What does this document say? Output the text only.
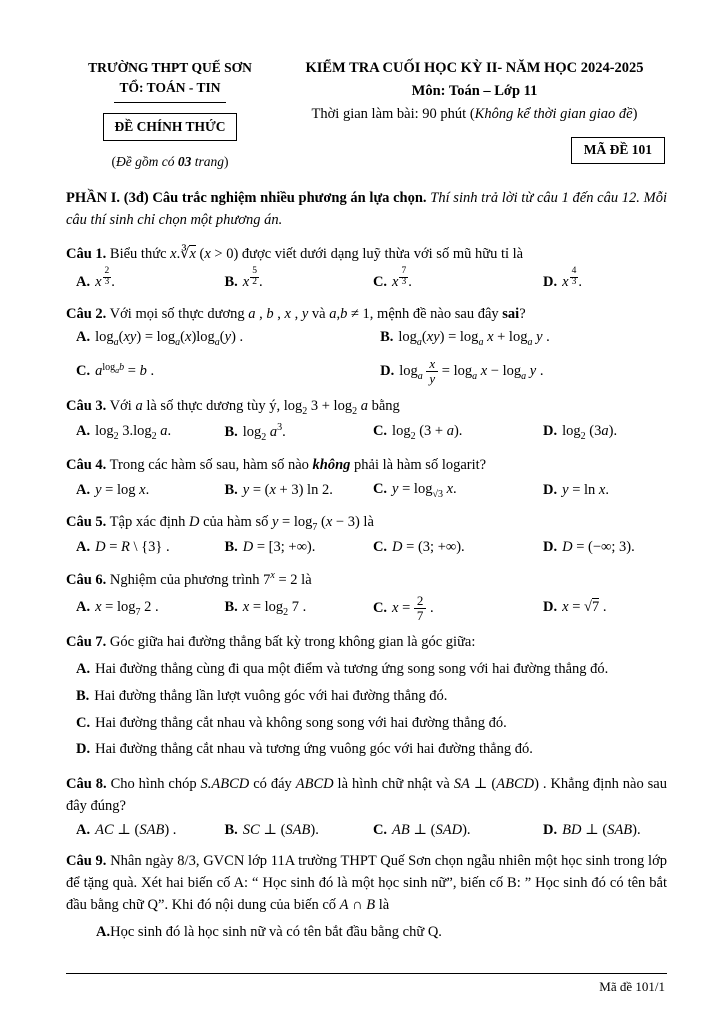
TRƯỜNG THPT QUẾ SƠN
TỔ: TOÁN - TIN
ĐỀ CHÍNH THỨC
(Đề gồm có 03 trang)
KIỂM TRA CUỐI HỌC KỲ II- NĂM HỌC 2024-2025
Môn: Toán – Lớp 11
Thời gian làm bài: 90 phút (Không kể thời gian giao đề)
MÃ ĐỀ 101

PHẦN I. (3đ) Câu trắc nghiệm nhiều phương án lựa chọn. Thí sinh trả lời từ câu 1 đến câu 12. Mỗi câu thí sinh chỉ chọn một phương án.

Câu 1. Biểu thức x.∛x (x > 0) được viết dưới dạng luỹ thừa với số mũ hữu tỉ là

A. x $\frac{2}{3}$ .	B. x $\frac{5}{2}$ .	C. x $\frac{7}{3}$ .	D. x $\frac{4}{3}$ .

Câu 2. Với mọi số thực dương a , b , x , y và a,b ≠ 1, mệnh đề nào sau đây sai?

A. $\log_a(xy) = \log_a(x)\log_a(y)$ .	B. $\log_a(xy) = \log_a x + \log_a y$ .
C. $a^{log_ab} = b$ .	D. $\log_a \frac{x}{y} = \log_a x - \log_a y$ .

Câu 3. Với a là số thực dương tùy ý, $\log_2 3 + \log_2 a$ bằng

A. $\log_2 3.\log_2$ a.	B. $\log_2 a^3$.	C. $\log_2 (3 + a)$.	D. $\log_2 (3a)$.

Câu 4. Trong các hàm số sau, hàm số nào không phải là hàm số logarit?

A. y = log x.	B. y = (x + 3) ln 2.	C. $y = \log_{√3} x$.	D. y = ln x.

Câu 5. Tập xác định D của hàm số $y = \log_7 (x - 3)$ là

A. D = R \ {3} .	B. D = [3; +∞).	C. D = (3; +∞).	D. D = (−∞; 3).

Câu 6. Nghiệm của phương trình $7^x = 2$ là

A. $x = \log_7 2$ .	B. $x = \log_2 7$ .	C. $x = \frac{2}{7}$ .	D. x = √7 .

Câu 7. Góc giữa hai đường thẳng bất kỳ trong không gian là góc giữa:

A. Hai đường thẳng cùng đi qua một điểm và tương ứng song song với hai đường thẳng đó.
B. Hai đường thẳng lần lượt vuông góc với hai đường thẳng đó.
C. Hai đường thẳng cắt nhau và không song song với hai đường thẳng đó.
D. Hai đường thẳng cắt nhau và tương ứng vuông góc với hai đường thẳng đó.

Câu 8. Cho hình chóp S.ABCD có đáy ABCD là hình chữ nhật và SA ⊥ (ABCD) . Khẳng định nào sau đây đúng?

A. AC ⊥ (SAB) .	B. SC ⊥ (SAB).	C. AB ⊥ (SAD).	D. BD ⊥ (SAB).

Câu 9. Nhân ngày 8/3, GVCN lớp 11A trường THPT Quế Sơn chọn ngẫu nhiên một học sinh trong lớp để tặng quà. Xét hai biến cố A: “ Học sinh đó là một học sinh nữ”, biến cố B: ” Học sinh đó có tên bắt đầu bằng chữ Q”. Khi đó nội dung của biến cố A ∩ B là

A.Học sinh đó là học sinh nữ và có tên bắt đầu bằng chữ Q.
Mã đề 101/1
